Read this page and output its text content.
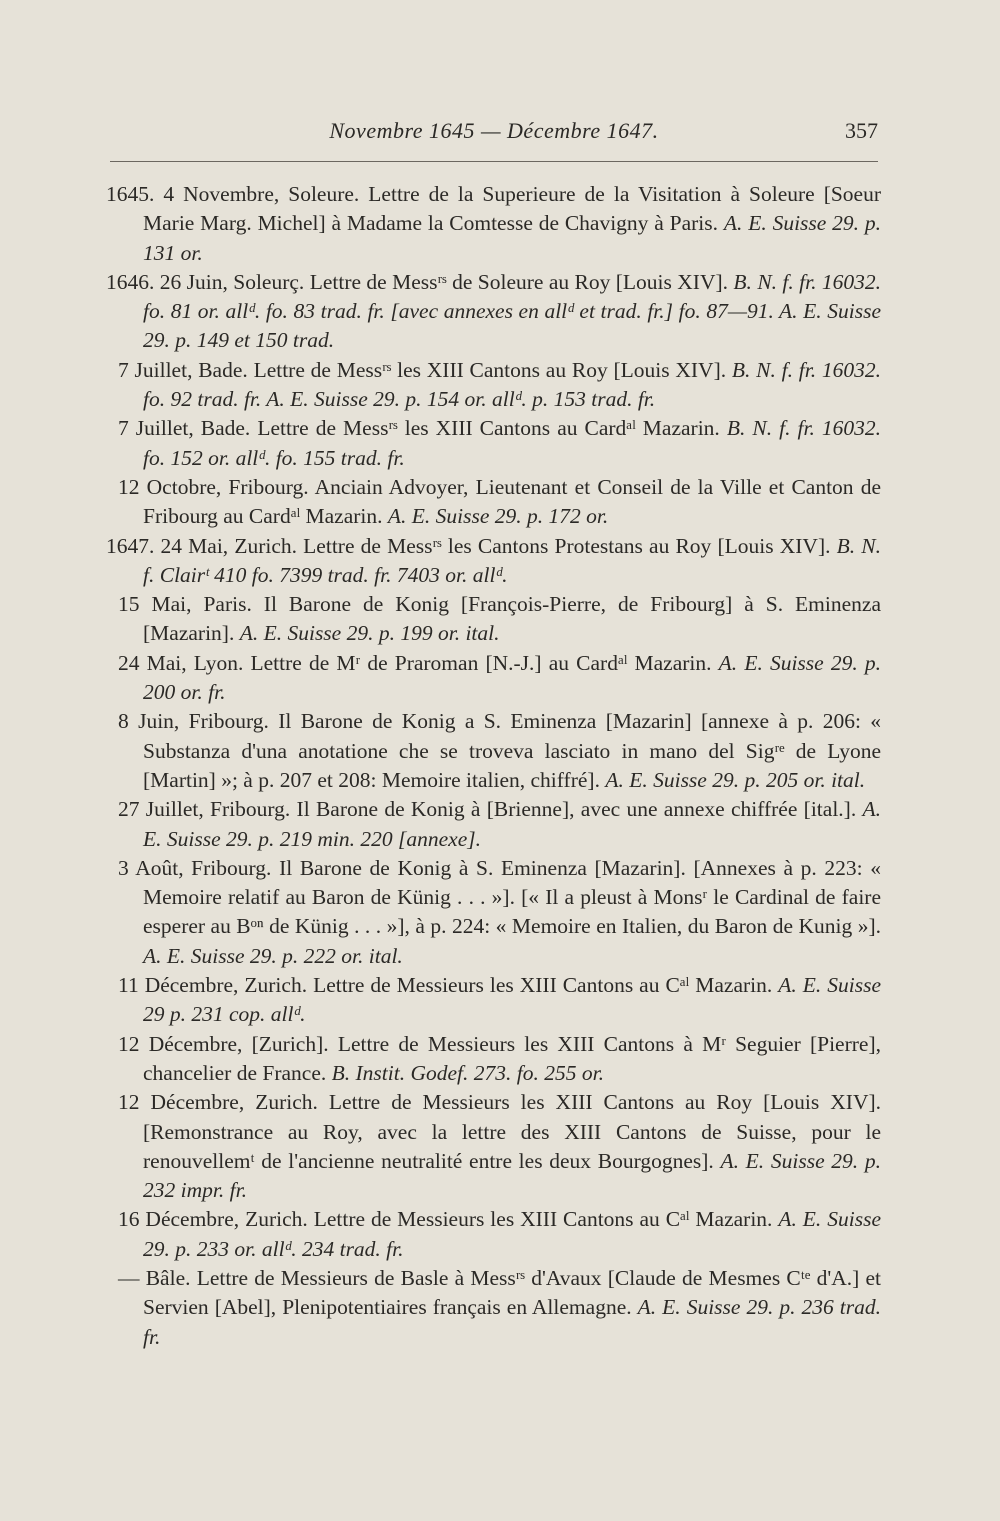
Novembre 1645 — Décembre 1647.	357

1645. 4 Novembre, Soleure. Lettre de la Superieure de la Visitation à Soleure [Soeur Marie Marg. Michel] à Madame la Comtesse de Chavigny à Paris. A. E. Suisse 29. p. 131 or.

1646. 26 Juin, Soleurç. Lettre de Messʳˢ de Soleure au Roy [Louis XIV]. B. N. f. fr. 16032. fo. 81 or. allᵈ. fo. 83 trad. fr. [avec annexes en allᵈ et trad. fr.] fo. 87—91. A. E. Suisse 29. p. 149 et 150 trad.

7 Juillet, Bade. Lettre de Messʳˢ les XIII Cantons au Roy [Louis XIV]. B. N. f. fr. 16032. fo. 92 trad. fr. A. E. Suisse 29. p. 154 or. allᵈ. p. 153 trad. fr.

7 Juillet, Bade. Lettre de Messʳˢ les XIII Cantons au Cardᵃˡ Mazarin. B. N. f. fr. 16032. fo. 152 or. allᵈ. fo. 155 trad. fr.

12 Octobre, Fribourg. Anciain Advoyer, Lieutenant et Conseil de la Ville et Canton de Fribourg au Cardᵃˡ Mazarin. A. E. Suisse 29. p. 172 or.

1647. 24 Mai, Zurich. Lettre de Messʳˢ les Cantons Protestans au Roy [Louis XIV]. B. N. f. Clairᵗ 410 fo. 7399 trad. fr. 7403 or. allᵈ.

15 Mai, Paris. Il Barone de Konig [François-Pierre, de Fribourg] à S. Eminenza [Mazarin]. A. E. Suisse 29. p. 199 or. ital.

24 Mai, Lyon. Lettre de Mʳ de Praroman [N.-J.] au Cardᵃˡ Mazarin. A. E. Suisse 29. p. 200 or. fr.

8 Juin, Fribourg. Il Barone de Konig a S. Eminenza [Mazarin] [annexe à p. 206: « Substanza d'una anotatione che se troveva lasciato in mano del Sigʳᵉ de Lyone [Martin] »; à p. 207 et 208: Memoire italien, chiffré]. A. E. Suisse 29. p. 205 or. ital.

27 Juillet, Fribourg. Il Barone de Konig à [Brienne], avec une annexe chiffrée [ital.]. A. E. Suisse 29. p. 219 min. 220 [annexe].

3 Août, Fribourg. Il Barone de Konig à S. Eminenza [Mazarin]. [Annexes à p. 223: « Memoire relatif au Baron de Künig . . . »]. [« Il a pleust à Monsʳ le Cardinal de faire esperer au Bᵒⁿ de Künig . . . »], à p. 224: « Memoire en Italien, du Baron de Kunig »]. A. E. Suisse 29. p. 222 or. ital.

11 Décembre, Zurich. Lettre de Messieurs les XIII Cantons au Cᵃˡ Mazarin. A. E. Suisse 29 p. 231 cop. allᵈ.

12 Décembre, [Zurich]. Lettre de Messieurs les XIII Cantons à Mʳ Seguier [Pierre], chancelier de France. B. Instit. Godef. 273. fo. 255 or.

12 Décembre, Zurich. Lettre de Messieurs les XIII Cantons au Roy [Louis XIV]. [Remonstrance au Roy, avec la lettre des XIII Cantons de Suisse, pour le renouvellemᵗ de l'ancienne neutralité entre les deux Bourgognes]. A. E. Suisse 29. p. 232 impr. fr.

16 Décembre, Zurich. Lettre de Messieurs les XIII Cantons au Cᵃˡ Mazarin. A. E. Suisse 29. p. 233 or. allᵈ. 234 trad. fr.

— Bâle. Lettre de Messieurs de Basle à Messʳˢ d'Avaux [Claude de Mesmes Cᵗᵉ d'A.] et Servien [Abel], Plenipotentiaires français en Allemagne. A. E. Suisse 29. p. 236 trad. fr.
